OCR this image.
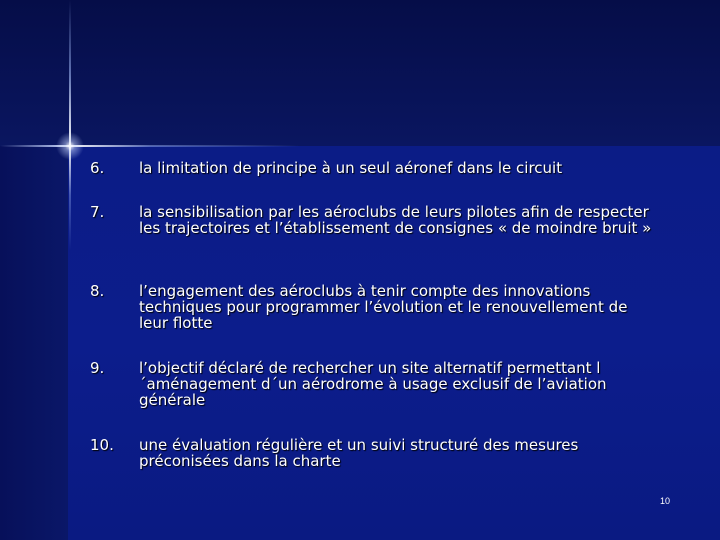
6. la limitation de principe à un seul aéronef dans le circuit
7. la sensibilisation par les aéroclubs de leurs pilotes afin de respecter les trajectoires et l’établissement de consignes « de moindre bruit »
8. l’engagement des aéroclubs à tenir compte des innovations techniques pour programmer l’évolution et le renouvellement de leur flotte
9. l’objectif déclaré de rechercher un site alternatif permettant l´aménagement d´un aérodrome à usage exclusif de l’aviation générale
10. une évaluation régulière et un suivi structuré des mesures préconisées dans la charte
10
